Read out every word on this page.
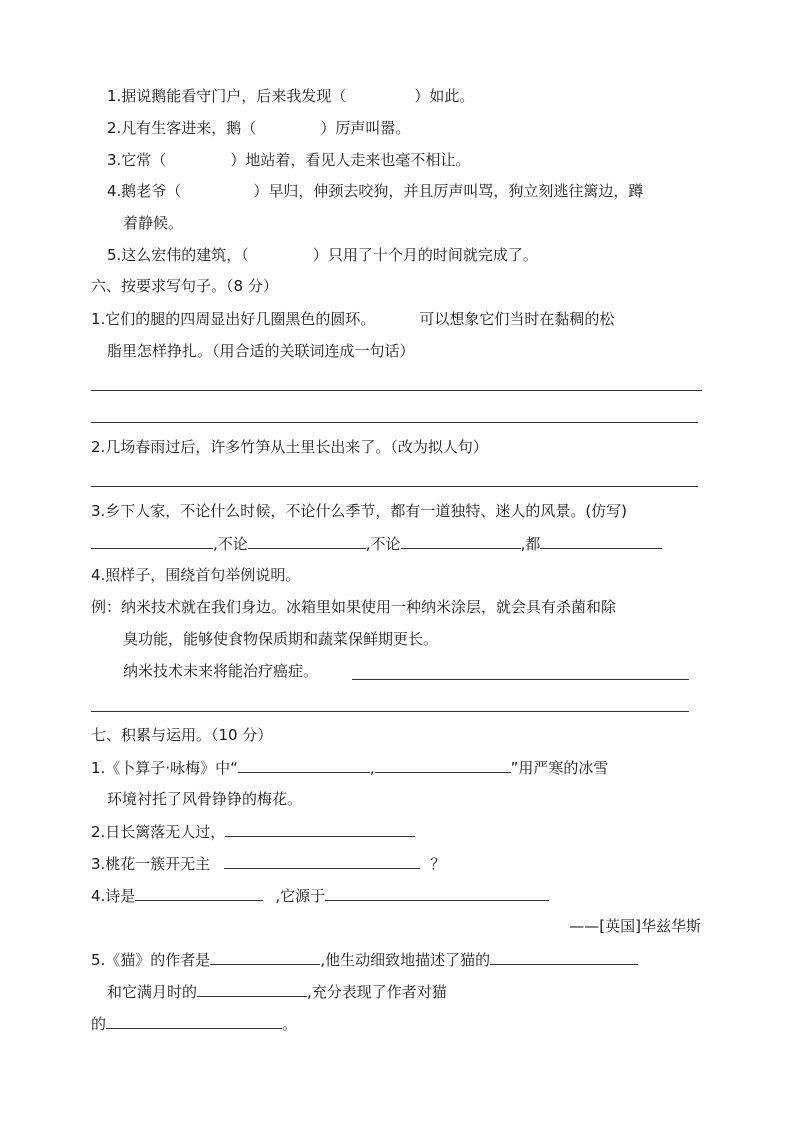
1.据说鹅能看守门户，后来我发现（	）如此。
2.凡有生客进来，鹅（	）厉声叫嚣。
3.它常（	）地站着，看见人走来也毫不相让。
4.鹅老爷（	）早归，伸颈去咬狗，并且厉声叫骂，狗立刻逃往篱边，蹲
着静候。
5.这么宏伟的建筑，（	）只用了十个月的时间就完成了。
六、按要求写句子。（8 分）
1.它们的腿的四周显出好几圈黑色的圆环。	可以想象它们当时在黏稠的松
脂里怎样挣扎。（用合适的关联词连成一句话）
2.几场春雨过后，许多竹笋从土里长出来了。（改为拟人句）
3.乡下人家，不论什么时候，不论什么季节，都有一道独特、迷人的风景。(仿写)
,不论	,不论	,都
4.照样子，围绕首句举例说明。
例：纳米技术就在我们身边。冰箱里如果使用一种纳米涂层，就会具有杀菌和除
臭功能，能够使食物保质期和蔬菜保鲜期更长。
纳米技术未来将能治疗癌症。
七、积累与运用。（10 分）
1.《卜算子·咏梅》中“	,	”用严寒的冰雪
环境衬托了风骨铮铮的梅花。
2.日长篱落无人过，
3.桃花一簇开无主	？
4.诗是	,它源于
——[英国]华兹华斯
5.《猫》的作者是	,他生动细致地描述了猫的
和它满月时的	,充分表现了作者对猫
的	。
